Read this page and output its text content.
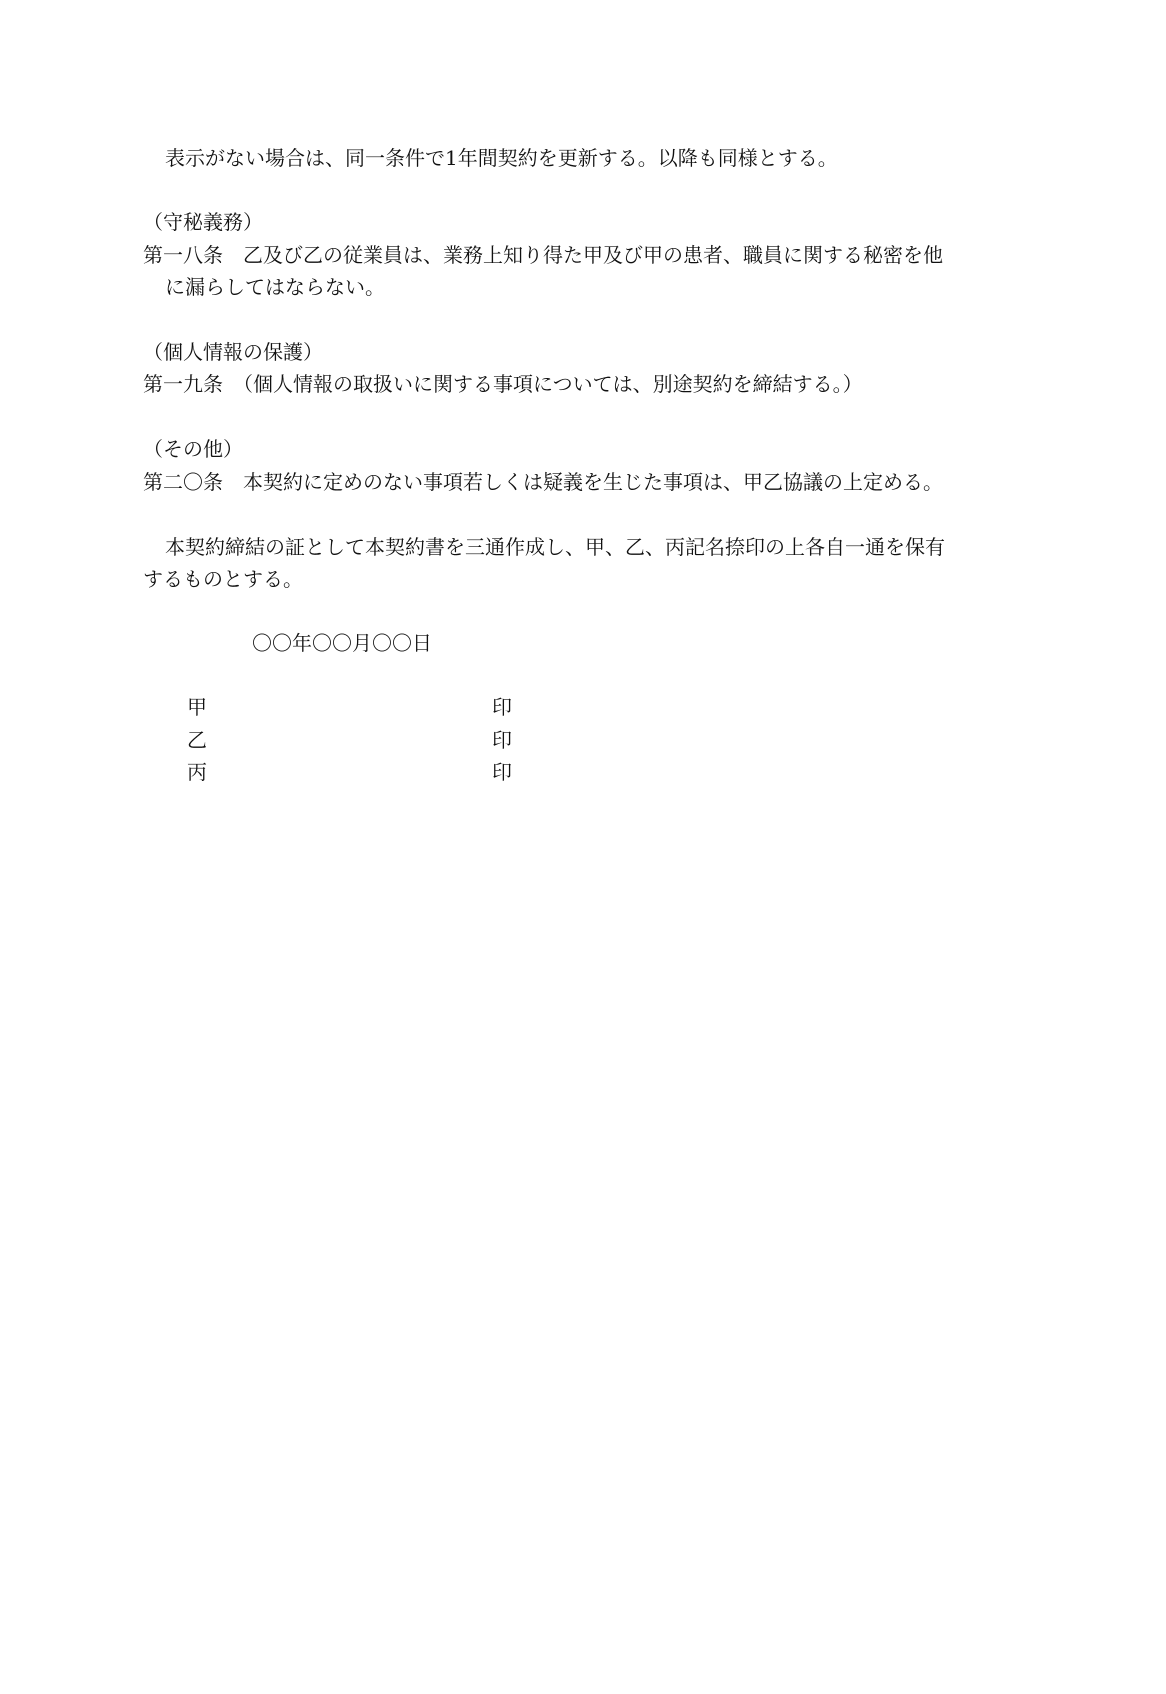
表示がない場合は、同一条件で1年間契約を更新する。以降も同様とする。
（守秘義務）
第一八条　乙及び乙の従業員は、業務上知り得た甲及び甲の患者、職員に関する秘密を他
に漏らしてはならない。
（個人情報の保護）
第一九条　（個人情報の取扱いに関する事項については、別途契約を締結する。）
（その他）
第二〇条　本契約に定めのない事項若しくは疑義を生じた事項は、甲乙協議の上定める。
本契約締結の証として本契約書を三通作成し、甲、乙、丙記名捺印の上各自一通を保有
するものとする。
〇〇年〇〇月〇〇日
甲	印
乙	印
丙	印
